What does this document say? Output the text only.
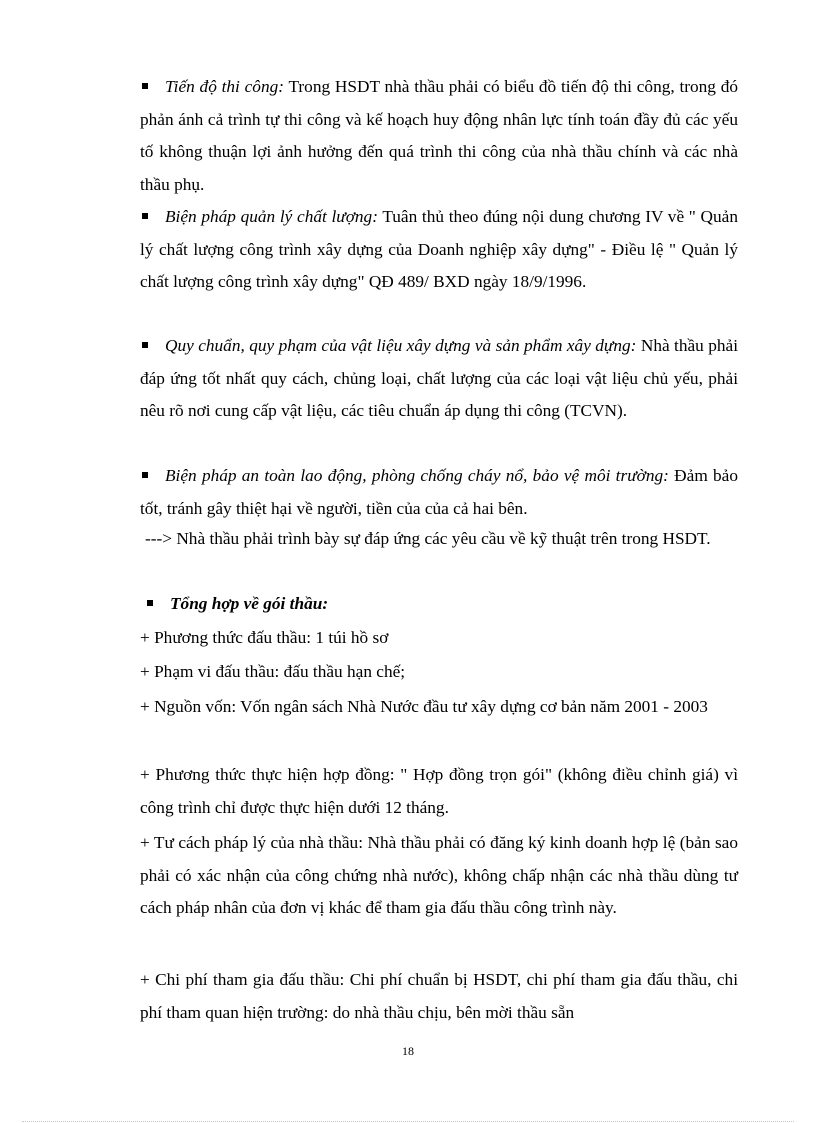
Tiến độ thi công: Trong HSDT nhà thầu phải có biểu đồ tiến độ thi công, trong đó phản ánh cả trình tự thi công và kế hoạch huy động nhân lực tính toán đầy đủ các yếu tố không thuận lợi ảnh hưởng đến quá trình thi công của nhà thầu chính và các nhà thầu phụ.
Biện pháp quản lý chất lượng: Tuân thủ theo đúng nội dung chương IV về " Quản lý chất lượng công trình xây dựng của Doanh nghiệp xây dựng" - Điều lệ " Quản lý chất lượng công trình xây dựng" QĐ 489/ BXD ngày 18/9/1996.
Quy chuẩn, quy phạm của vật liệu xây dựng và sản phẩm xây dựng: Nhà thầu phải đáp ứng tốt nhất quy cách, chủng loại, chất lượng của các loại vật liệu chủ yếu, phải nêu rõ nơi cung cấp vật liệu, các tiêu chuẩn áp dụng thi công (TCVN).
Biện pháp an toàn lao động, phòng chống cháy nổ, bảo vệ môi trường: Đảm bảo tốt, tránh gây thiệt hại về người, tiền của của cả hai bên.
---> Nhà thầu phải trình bày sự đáp ứng các yêu cầu về kỹ thuật trên trong HSDT.
Tổng hợp về gói thầu:
+ Phương thức đấu thầu: 1 túi hồ sơ
+ Phạm vi đấu thầu: đấu thầu hạn chế;
+ Nguồn vốn: Vốn ngân sách Nhà Nước đầu tư xây dựng cơ bản năm 2001 - 2003
+ Phương thức thực hiện hợp đồng: " Hợp đồng trọn gói" (không điều chỉnh giá) vì công trình chỉ được thực hiện dưới 12 tháng.
+ Tư cách pháp lý của nhà thầu: Nhà thầu phải có đăng ký kinh doanh hợp lệ (bản sao phải có xác nhận của công chứng nhà nước), không chấp nhận các nhà thầu dùng tư cách pháp nhân của đơn vị khác để tham gia đấu thầu công trình này.
+ Chi phí tham gia đấu thầu: Chi phí chuẩn bị HSDT, chi phí tham gia đấu thầu, chi phí tham quan hiện trường: do nhà thầu chịu, bên mời thầu sẵn
18
